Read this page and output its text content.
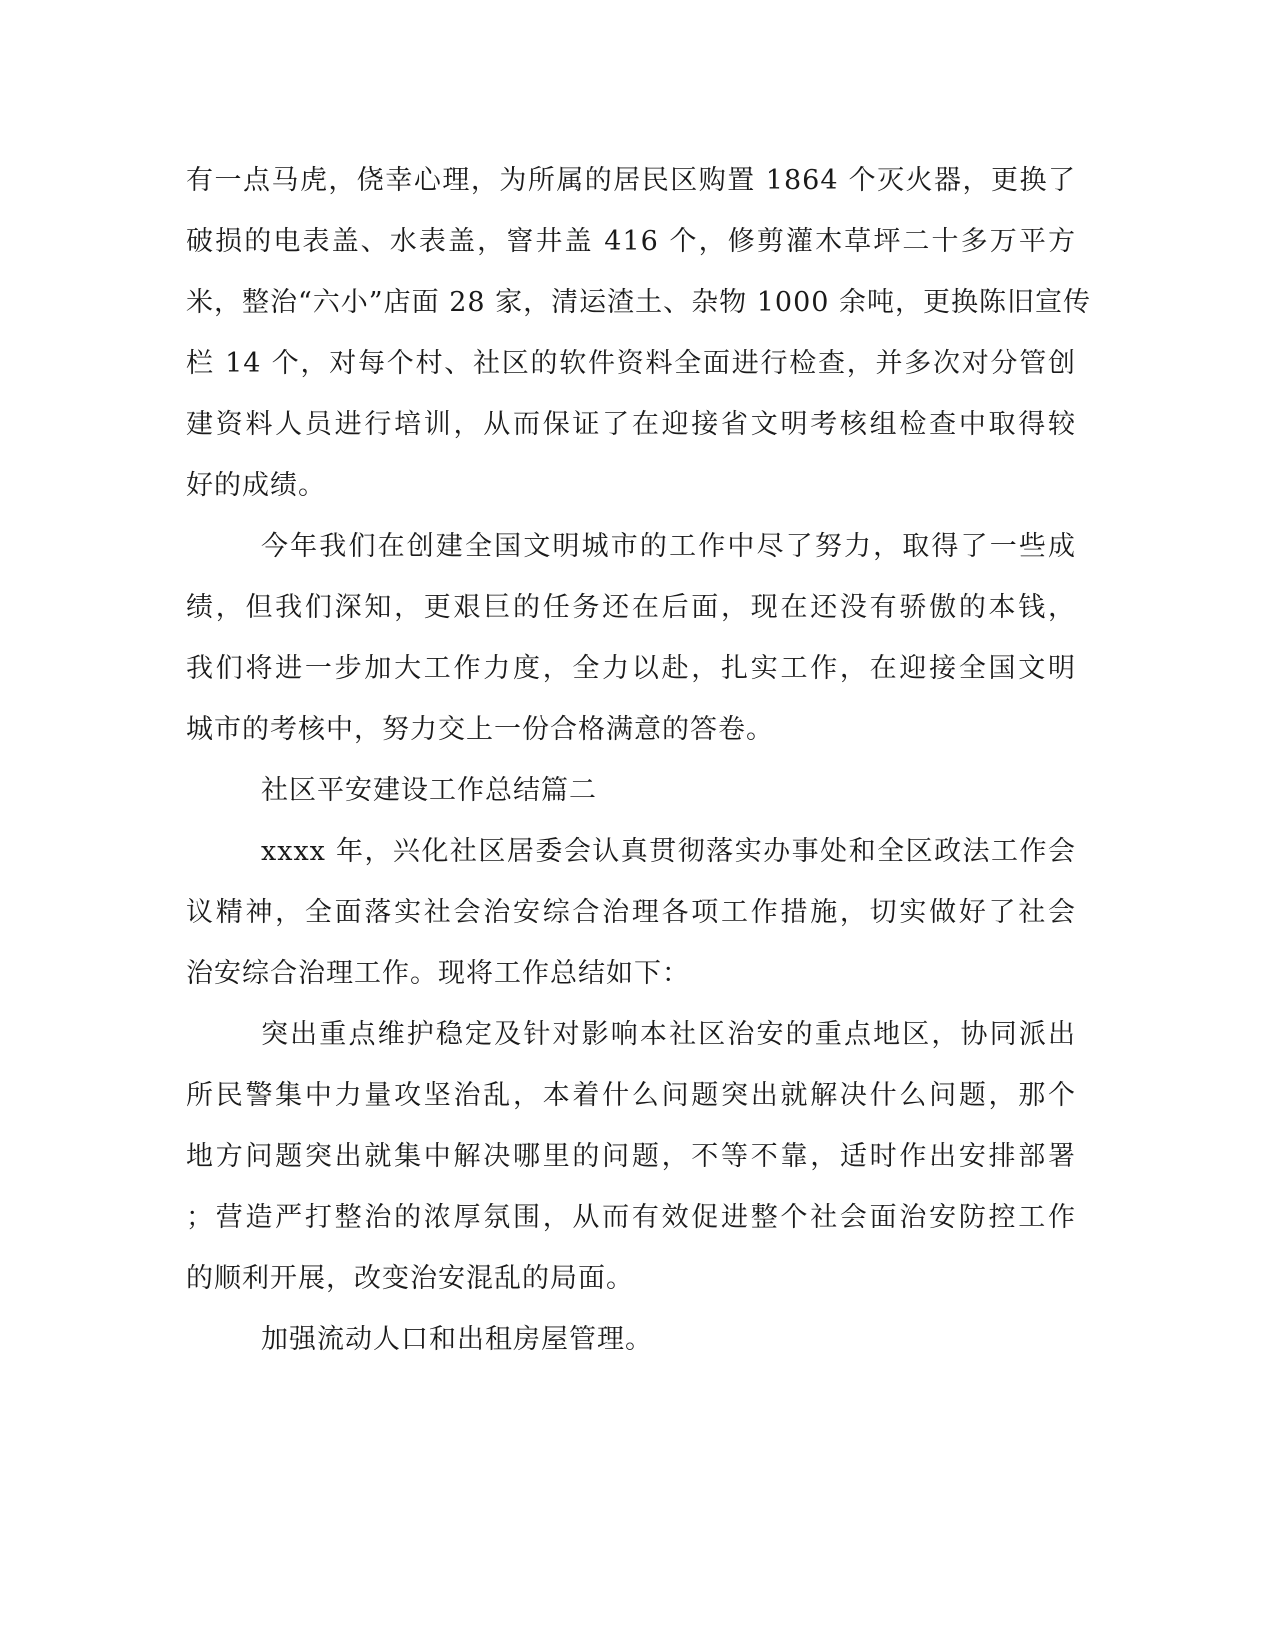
有一点马虎，侥幸心理，为所属的居民区购置 1864 个灭火器，更换了
破损的电表盖、水表盖，窨井盖 416 个，修剪灌木草坪二十多万平方
米，整治“六小”店面 28 家，清运渣土、杂物 1000 余吨，更换陈旧宣传
栏 14 个，对每个村、社区的软件资料全面进行检查，并多次对分管创
建资料人员进行培训，从而保证了在迎接省文明考核组检查中取得较
好的成绩。
今年我们在创建全国文明城市的工作中尽了努力，取得了一些成
绩，但我们深知，更艰巨的任务还在后面，现在还没有骄傲的本钱，
我们将进一步加大工作力度，全力以赴，扎实工作，在迎接全国文明
城市的考核中，努力交上一份合格满意的答卷。
社区平安建设工作总结篇二
xxxx 年，兴化社区居委会认真贯彻落实办事处和全区政法工作会
议精神，全面落实社会治安综合治理各项工作措施，切实做好了社会
治安综合治理工作。现将工作总结如下：
突出重点维护稳定及针对影响本社区治安的重点地区，协同派出
所民警集中力量攻坚治乱，本着什么问题突出就解决什么问题，那个
地方问题突出就集中解决哪里的问题，不等不靠，适时作出安排部署
；营造严打整治的浓厚氛围，从而有效促进整个社会面治安防控工作
的顺利开展，改变治安混乱的局面。
加强流动人口和出租房屋管理。
